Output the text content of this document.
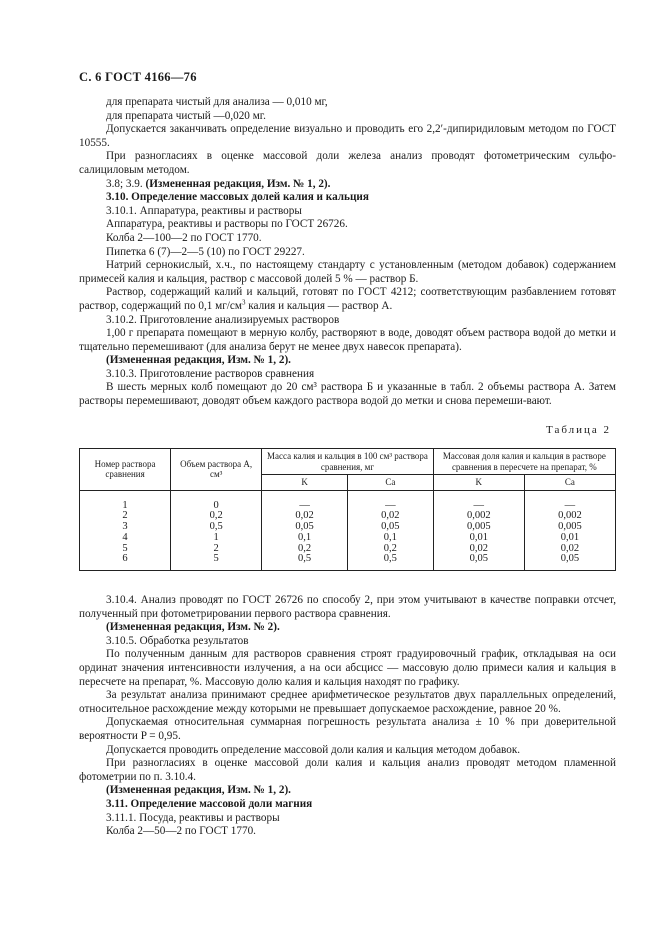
С. 6 ГОСТ 4166—76

для препарата чистый для анализа — 0,010 мг,

для препарата чистый —0,020 мг.

Допускается заканчивать определение визуально и проводить его 2,2′-дипиридиловым методом по ГОСТ 10555.

При разногласиях в оценке массовой доли железа анализ проводят фотометрическим сульфо-салициловым методом.

3.8; 3.9. (Измененная редакция, Изм. № 1, 2).

3.10. Определение массовых долей калия и кальция

3.10.1. Аппаратура, реактивы и растворы

Аппаратура, реактивы и растворы по ГОСТ 26726.

Колба 2—100—2 по ГОСТ 1770.

Пипетка 6 (7)—2—5 (10) по ГОСТ 29227.

Натрий сернокислый, х.ч., по настоящему стандарту с установленным (методом добавок) содержанием примесей калия и кальция, раствор с массовой долей 5 % — раствор Б.

Раствор, содержащий калий и кальций, готовят по ГОСТ 4212; соответствующим разбавлением готовят раствор, содержащий по 0,1 $мг/см^3$ калия и кальция — раствор А.

3.10.2. Приготовление анализируемых растворов

1,00 г препарата помещают в мерную колбу, растворяют в воде, доводят объем раствора водой до метки и тщательно перемешивают (для анализа берут не менее двух навесок препарата).

(Измененная редакция, Изм. № 1, 2).

3.10.3. Приготовление растворов сравнения

В шесть мерных колб помещают до 20 см³ раствора Б и указанные в табл. 2 объемы раствора А. Затем растворы перемешивают, доводят объем каждого раствора водой до метки и снова перемеши-вают.

Таблица 2
Номер раствора сравнения	Объем раствора А, см³	Масса калия и кальция в 100 см³ раствора сравнения, мг		Массовая доля калия и кальция в растворе сравнения в пересчете на препарат, %	
		K	Ca	K	Ca
1	0	—	—	—	—
2	0,2	0,02	0,02	0,002	0,002
3	0,5	0,05	0,05	0,005	0,005
4	1	0,1	0,1	0,01	0,01
5	2	0,2	0,2	0,02	0,02
6	5	0,5	0,5	0,05	0,05

3.10.4. Анализ проводят по ГОСТ 26726 по способу 2, при этом учитывают в качестве поправки отсчет, полученный при фотометрировании первого раствора сравнения.

(Измененная редакция, Изм. № 2).

3.10.5. Обработка результатов

По полученным данным для растворов сравнения строят градуировочный график, откладывая на оси ординат значения интенсивности излучения, а на оси абсцисс — массовую долю примеси калия и кальция в пересчете на препарат, %. Массовую долю калия и кальция находят по графику.

За результат анализа принимают среднее арифметическое результатов двух параллельных определений, относительное расхождение между которыми не превышает допускаемое расхождение, равное 20 %.

Допускаемая относительная суммарная погрешность результата анализа ± 10 % при доверительной вероятности P = 0,95.

Допускается проводить определение массовой доли калия и кальция методом добавок.

При разногласиях в оценке массовой доли калия и кальция анализ проводят методом пламенной фотометрии по п. 3.10.4.

(Измененная редакция, Изм. № 1, 2).

3.11. Определение массовой доли магния

3.11.1. Посуда, реактивы и растворы

Колба 2—50—2 по ГОСТ 1770.
